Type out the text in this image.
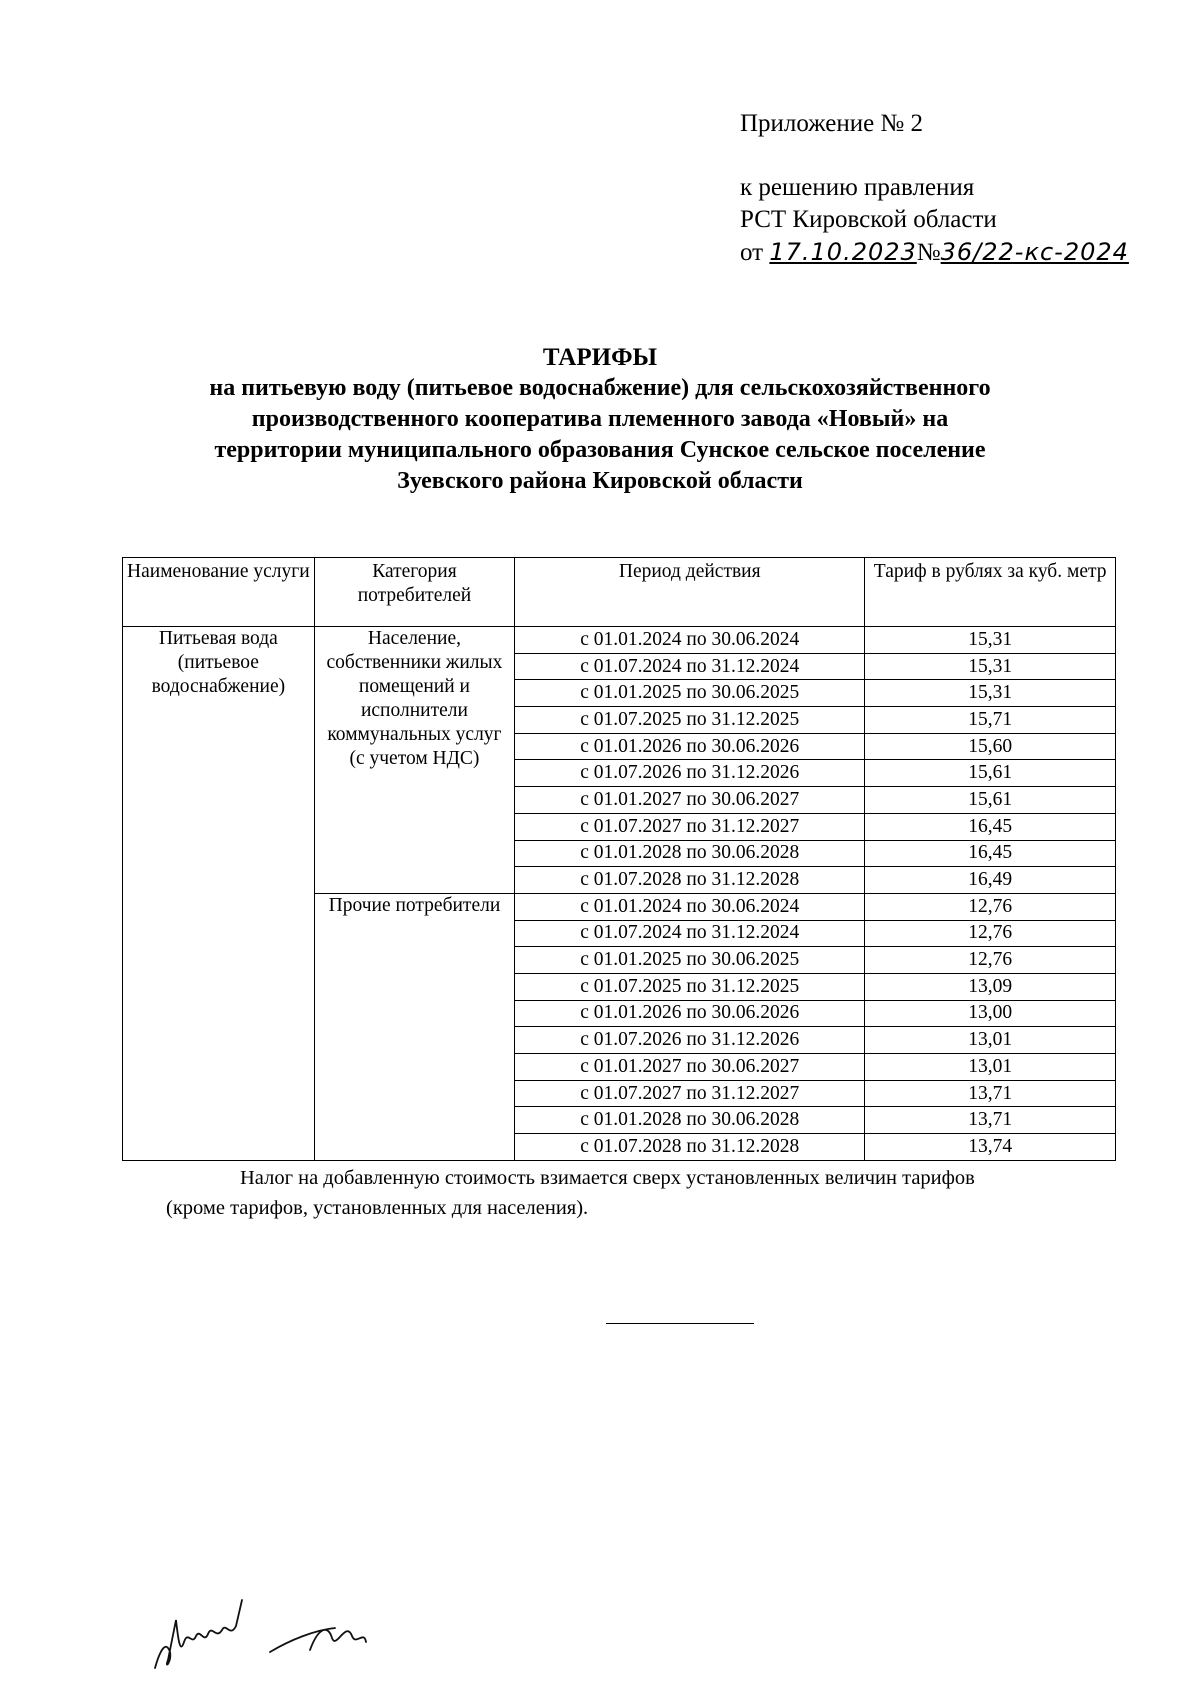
Приложение № 2
к решению правления
РСТ Кировской области
от 17.10.2023№36/22-кс-2024
ТАРИФЫ
на питьевую воду (питьевое водоснабжение) для сельскохозяйственного
производственного кооператива племенного завода «Новый» на
территории муниципального образования Сунское сельское поселение
Зуевского района Кировской области
Наименование услуги	Категория потребителей	Период действия	Тариф в рублях за куб. метр
Питьевая вода (питьевое водоснабжение)	Население, собственники жилых помещений и исполнители коммунальных услуг (с учетом НДС)	с 01.01.2024 по 30.06.2024	15,31
		с 01.07.2024 по 31.12.2024	15,31
		с 01.01.2025 по 30.06.2025	15,31
		с 01.07.2025 по 31.12.2025	15,71
		с 01.01.2026 по 30.06.2026	15,60
		с 01.07.2026 по 31.12.2026	15,61
		с 01.01.2027 по 30.06.2027	15,61
		с 01.07.2027 по 31.12.2027	16,45
		с 01.01.2028 по 30.06.2028	16,45
		с 01.07.2028 по 31.12.2028	16,49
	Прочие потребители	с 01.01.2024 по 30.06.2024	12,76
		с 01.07.2024 по 31.12.2024	12,76
		с 01.01.2025 по 30.06.2025	12,76
		с 01.07.2025 по 31.12.2025	13,09
		с 01.01.2026 по 30.06.2026	13,00
		с 01.07.2026 по 31.12.2026	13,01
		с 01.01.2027 по 30.06.2027	13,01
		с 01.07.2027 по 31.12.2027	13,71
		с 01.01.2028 по 30.06.2028	13,71
		с 01.07.2028 по 31.12.2028	13,74
Налог на добавленную стоимость взимается сверх установленных величин тарифов
(кроме тарифов, установленных для населения).
